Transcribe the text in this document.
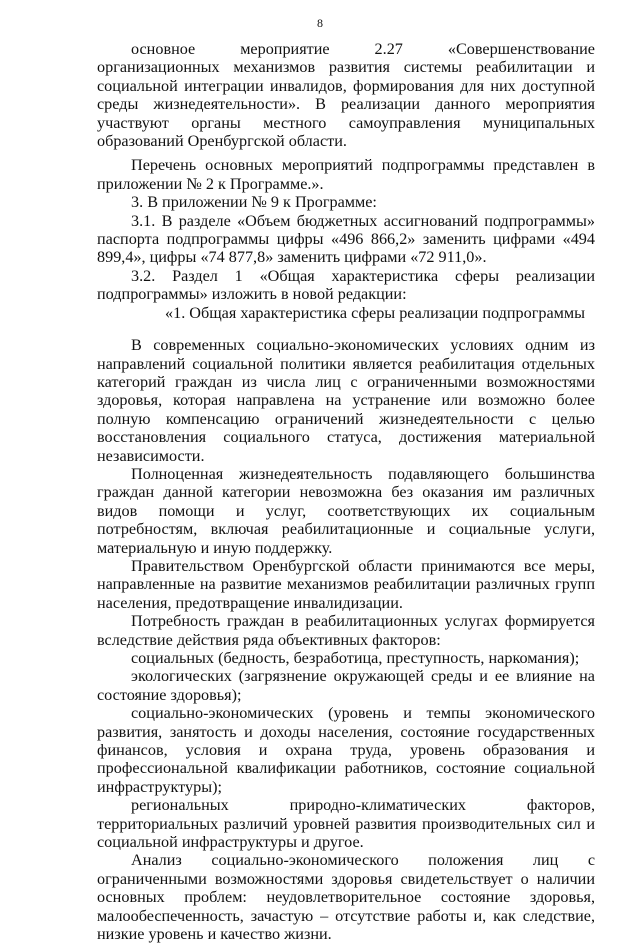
8

основное мероприятие 2.27 «Совершенствование организационных механизмов развития системы реабилитации и социальной интеграции инвалидов, формирования для них доступной среды жизнедеятельности». В реализации данного мероприятия участвуют органы местного самоуправления муниципальных образований Оренбургской области.

Перечень основных мероприятий подпрограммы представлен в приложении № 2 к Программе.».

3. В приложении № 9 к Программе:

3.1. В разделе «Объем бюджетных ассигнований подпрограммы» паспорта подпрограммы цифры «496 866,2» заменить цифрами «494 899,4», цифры «74 877,8» заменить цифрами «72 911,0».

3.2. Раздел 1 «Общая характеристика сферы реализации подпрограммы» изложить в новой редакции:

«1. Общая характеристика сферы реализации подпрограммы

В современных социально-экономических условиях одним из направлений социальной политики является реабилитация отдельных категорий граждан из числа лиц с ограниченными возможностями здоровья, которая направлена на устранение или возможно более полную компенсацию ограничений жизнедеятельности с целью восстановления социального статуса, достижения материальной независимости.

Полноценная жизнедеятельность подавляющего большинства граждан данной категории невозможна без оказания им различных видов помощи и услуг, соответствующих их социальным потребностям, включая реабилитационные и социальные услуги, материальную и иную поддержку.

Правительством Оренбургской области принимаются все меры, направленные на развитие механизмов реабилитации различных групп населения, предотвращение инвалидизации.

Потребность граждан в реабилитационных услугах формируется вследствие действия ряда объективных факторов:

социальных (бедность, безработица, преступность, наркомания);

экологических (загрязнение окружающей среды и ее влияние на состояние здоровья);

социально-экономических (уровень и темпы экономического развития, занятость и доходы населения, состояние государственных финансов, условия и охрана труда, уровень образования и профессиональной квалификации работников, состояние социальной инфраструктуры);

региональных природно-климатических факторов, территориальных различий уровней развития производительных сил и социальной инфраструктуры и другое.

Анализ социально-экономического положения лиц с ограниченными возможностями здоровья свидетельствует о наличии основных проблем: неудовлетворительное состояние здоровья, малообеспеченность, зачастую – отсутствие работы и, как следствие, низкие уровень и качество жизни.
